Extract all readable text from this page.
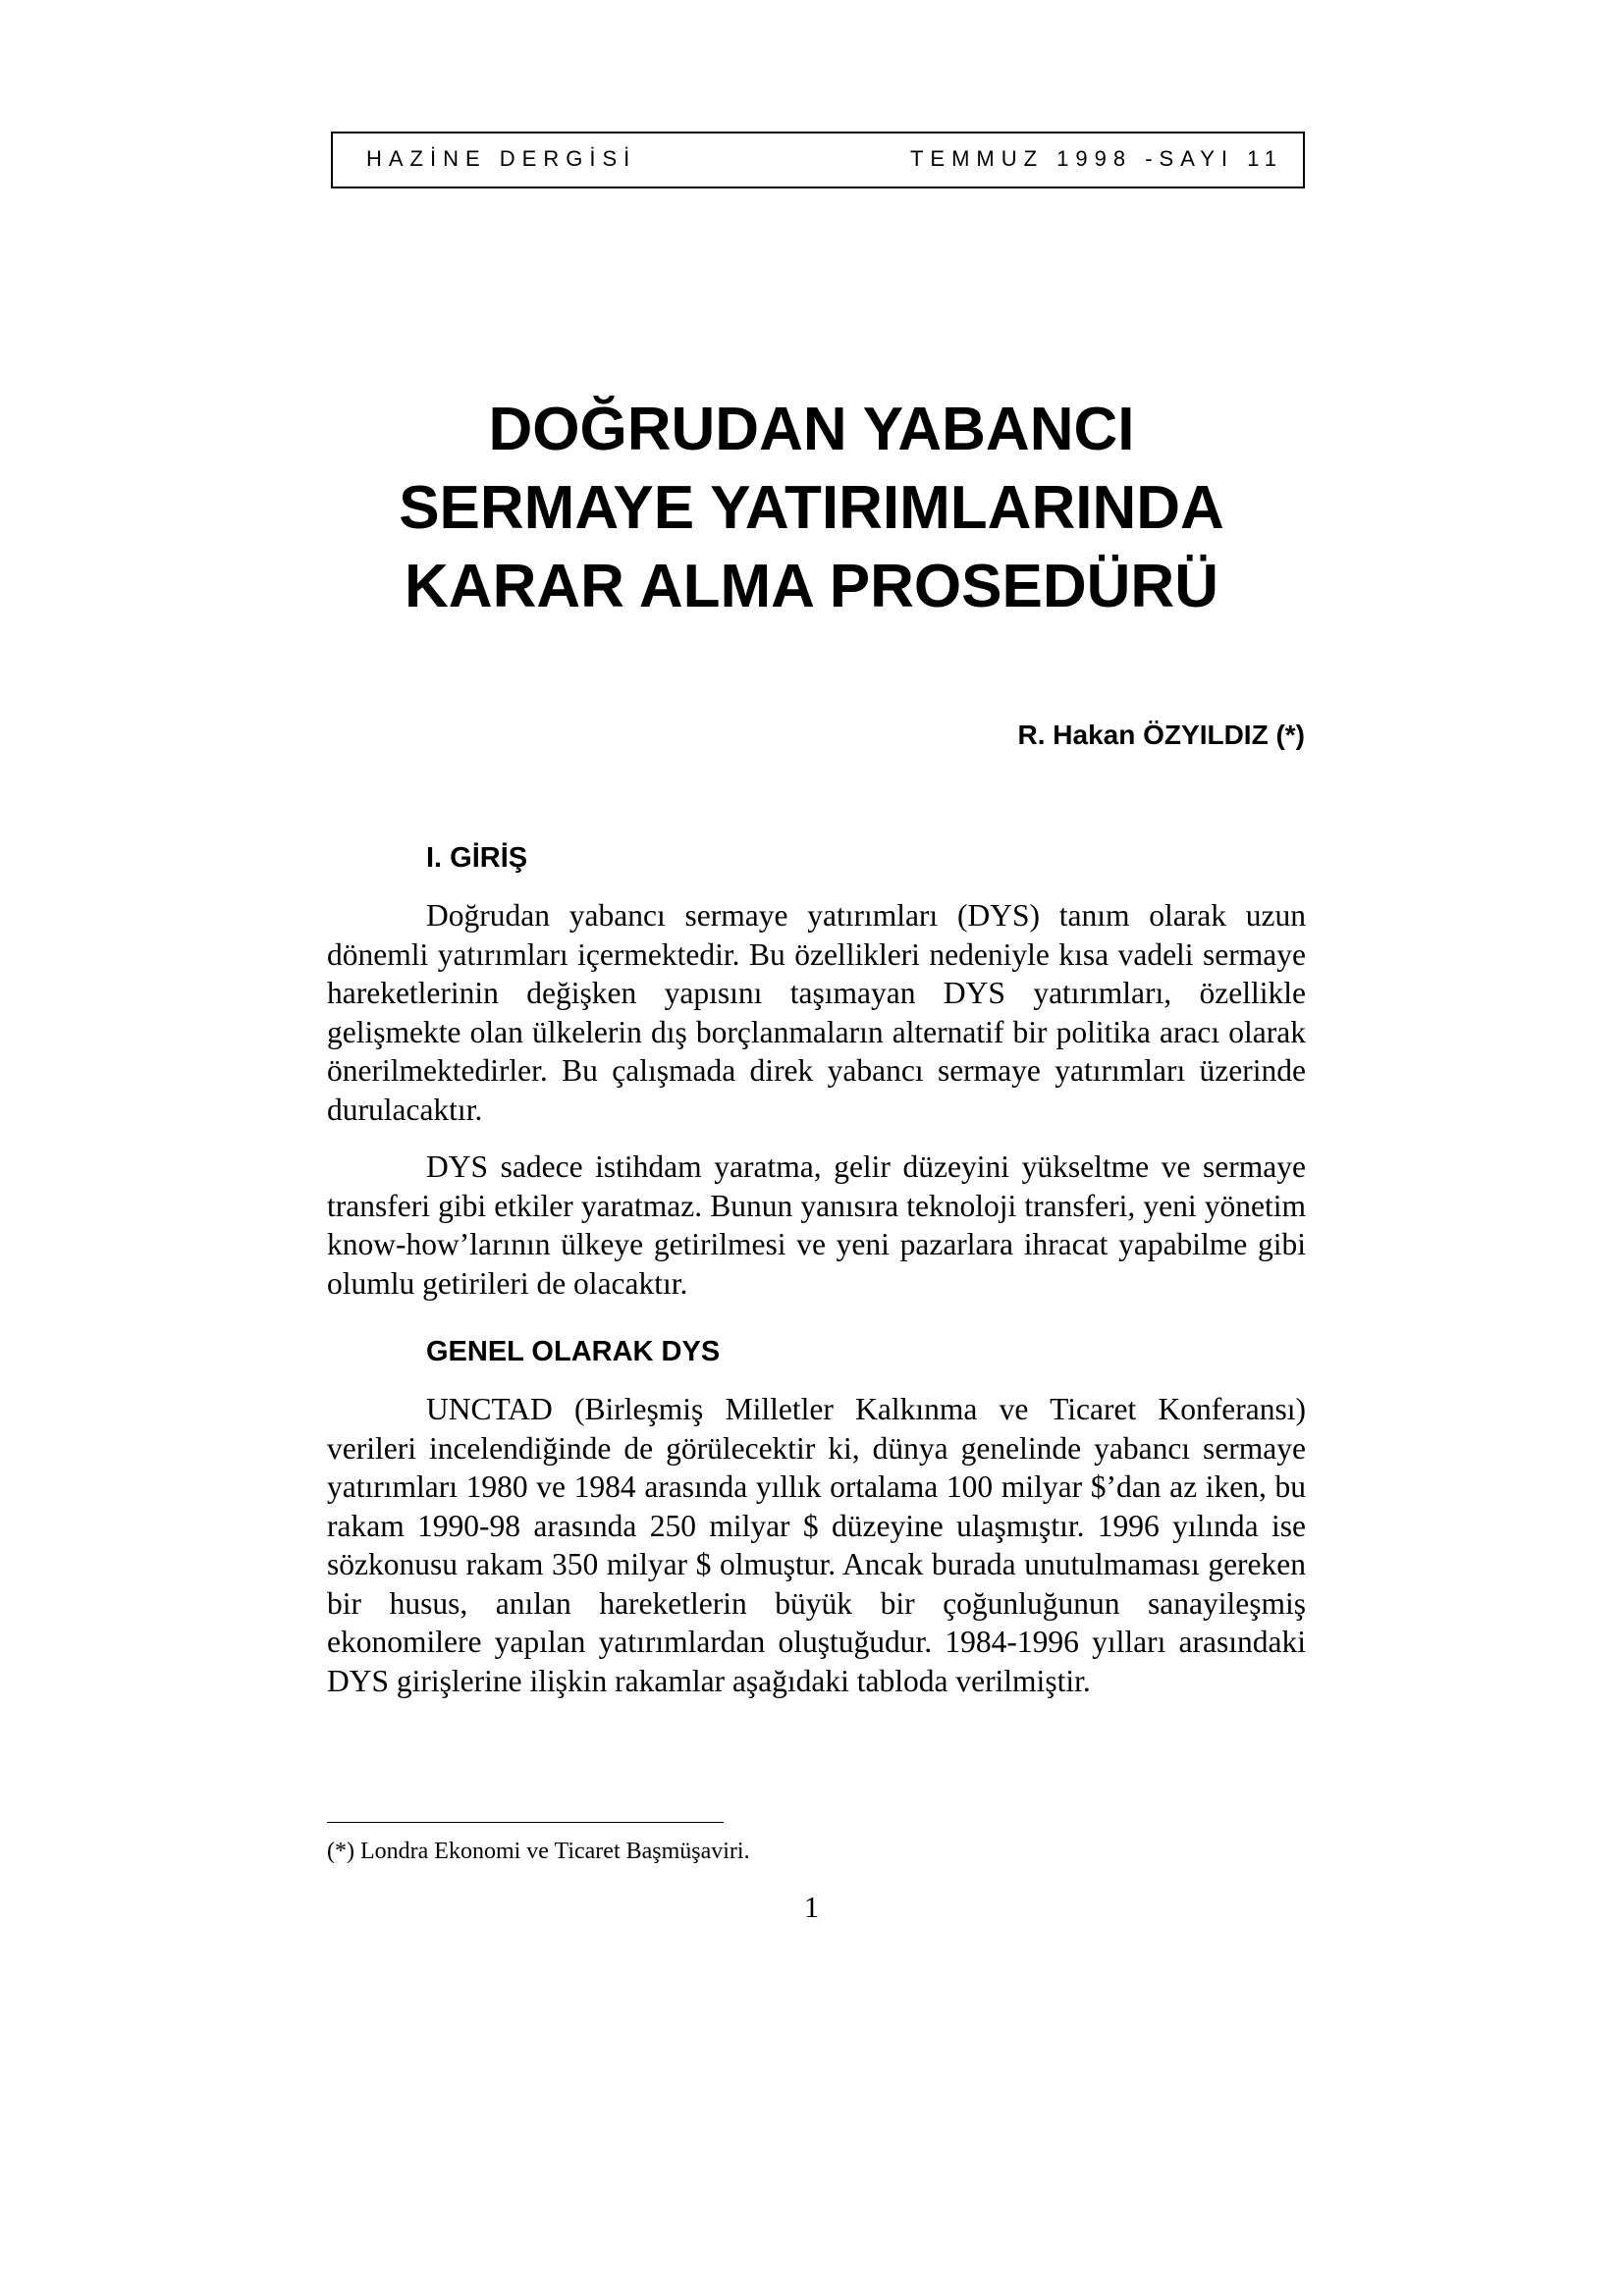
HAZİNE DERGİSİ	TEMMUZ 1998 -SAYI 11
DOĞRUDAN YABANCI
SERMAYE YATIRIMLARINDA
KARAR ALMA PROSEDÜRÜ
R. Hakan ÖZYILDIZ (*)
I. GİRİŞ

Doğrudan yabancı sermaye yatırımları (DYS) tanım olarak uzun dönemli yatırımları içermektedir. Bu özellikleri nedeniyle kısa vadeli sermaye hareketlerinin değişken yapısını taşımayan DYS yatırımları, özellikle gelişmekte olan ülkelerin dış borçlanmaların alternatif bir politika aracı olarak önerilmektedirler. Bu çalışmada direk yabancı sermaye yatırımları üzerinde durulacaktır.

DYS sadece istihdam yaratma, gelir düzeyini yükseltme ve sermaye transferi gibi etkiler yaratmaz. Bunun yanısıra teknoloji transferi, yeni yönetim know-how’larının ülkeye getirilmesi ve yeni pazarlara ihracat yapabilme gibi olumlu getirileri de olacaktır.

GENEL OLARAK DYS

UNCTAD (Birleşmiş Milletler Kalkınma ve Ticaret Konferansı) verileri incelendiğinde de görülecektir ki, dünya genelinde yabancı sermaye yatırımları 1980 ve 1984 arasında yıllık ortalama 100 milyar $’dan az iken, bu rakam 1990-98 arasında 250 milyar $ düzeyine ulaşmıştır. 1996 yılında ise sözkonusu rakam 350 milyar $ olmuştur. Ancak burada unutulmaması gereken bir husus, anılan hareketlerin büyük bir çoğunluğunun sanayileşmiş ekonomilere yapılan yatırımlardan oluştuğudur. 1984-1996 yılları arasındaki DYS girişlerine ilişkin rakamlar aşağıdaki tabloda verilmiştir.

(*) Londra Ekonomi ve Ticaret Başmüşaviri.
1
